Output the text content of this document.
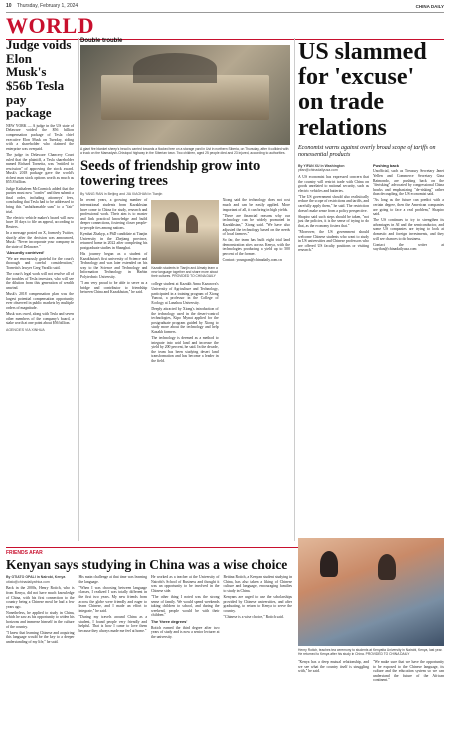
10 Thursday, February 1, 2024	CHINA DAILY
WORLD
Judge voids Elon Musk's $56b Tesla pay package

NEW YORK — A judge in the US state of Delaware voided the $56 billion compensation package of Tesla chief executive Elon Musk on Tuesday, siding with a shareholder who claimed the enterprise was overpaid.

The judge in Delaware Chancery Court ruled that the plaintiff, a Tesla shareholder named Richard Tornetta, was "entitled to rescission" of approving the stock award. Musk's 2018 package gave the world's richest man stock options worth as much as $55.8 billion.

Judge Kathaleen McCormick added that the parties must now "confer" and then submit a final order, including attorneys' fees, concluding that Tesla had to be addressed to bring this "unfathomable sum" to a "fair" trial.

The electric vehicle maker's board will now have 10 days to file an appeal, according to Reuters.

In a message posted on X, formerly Twitter, shortly after the decision was announced, Musk: "Never incorporate your company in the state of Delaware."

'Absurdly contrived'

"We are enormously grateful for the court's thorough and careful consideration," Tornetta's lawyer Greg Varallo said.

The court's legal work will not resolve all of the troubles of Tesla investors, who will see the dilution from this generation of wealth unwind.

Musk's 2018 compensation plan was the largest potential compensation opportunity ever observed in public markets by multiple orders of magnitude.

Musk was owed, along with Tesla and seven other members of the company's board, a stake worth at one point about $56 billion.

AGENCIES VIA XINHUA
Double trouble
A giant fire blanket sheep's head is carried towards a flocked tree on a storage yard in Ust in northern Siberia, on Thursday, after it collided with a truck on the Mamadysh-Chistopol highway in the Siberian town. Two children, aged 25 people died and 23 injured, according to authorities.
Seeds of friendship grow into towering trees
By YANG RAN in Beijing and JIA XIAOHAN in Tianjin

In recent years, a growing number of international students from Kazakhstan have come to China for study, research and professional work. Their aim is to master and link practical knowledge and build deeper connections, fostering closer people-to-people ties among nations.

Kymbat Zhakyp, a PhD candidate at Tianjin University in the Zhejiang province, returned home in 2022 after completing his postgraduate studies in Shanghai.

His journey began as a student of Kazakhstan's first university of Science and Technology and was later extended on his way to the Science and Technology and Information Technology in Harbin Polytechnic University.

"I am very proud to be able to serve as a bridge and contributor to friendship between China and Kazakhstan," he said.

Kazakh students in Tianjin and Almaty learn a new language together and share more about their cultures. PROVIDED TO CHINA DAILY

college student at Kazakh Anna Kazarova's University of Agriculture and Technology, participated in a training program of Xiong Yuncui, a professor in the College of Ecology at Lanzhou University.

Deeply attracted by Xiong's introduction of the technology used in the desert-control technologies, Kipo Mynat applied for the postgraduate program guided by Xiong to study more about the technology and help Kazakh farmers.

The technology is deemed as a method to integrate into arid land and increase the yield by 200 percent, he said. In the decade, the team has been studying desert land transformation and has become a leader in the field.

Xiong said the technology does not cost much and can be easily applied. More important of all, it can bring in high yields.

"There are financial reasons why our technology can be widely promoted in Kazakhstan," Xiong said. "We have also adjusted the technology based on the needs of local farmers."

So far, the team has built eight trial land demonstration sites across Kenya, with the technologies producing a yield up to 500 percent of the former.

Contact: youngran@chinadaily.com.cn

US slammed for 'excuse' on trade relations
Economist warns against overly broad scope of tariffs on nonessential products
By YIFAN XU in Washington
yifan@chinadailyusa.com

A US economist has expressed concern that the country will restrict trade with China on goods unrelated to national security, such as electric vehicles and batteries.

"The US government should also realistically reduce the scope of restrictions and tariffs, and carefully apply them," he said. The restriction doesn't make sense from a policy perspective.

Shapiro said such steps should be taken, "not just the policies, it is the sense of trying to do that, as the economy fosters that."

"Moreover, the US government should welcome Chinese students who want to study in US universities and Chinese professors who are offered US faculty positions or visiting research."

Pushing back

Unofficial, such as Treasury Secretary Janet Yellen and Commerce Secretary Gina Raimondo, are pushing back on the "derisking" advocated by congressional China hawks and emphasizing "de-risking" rather than decoupling, the US economist said.

"As long as the future can predict with a certain degree, then the American companies are going to face a real problem," Shapiro said.

The US continues to try to strengthen its advantages in AI and the semiconductor, and some US companies are trying to look at domestic and foreign investments, and they will see chances to do business.

Contact the writer at xuyifan@chinadailyusa.com

FRIENDS AFAR
Kenyan says studying in China was a wise choice
By OTIATO OPALI in Nairobi, Kenya
otiato@chinadailyafrica.com

Back in the 2000s, Henry Rotich, who is from Kenya, did not have much knowledge of China, with his first connection to the country being a Chinese meal he had a few years ago.

Nonetheless, he applied to study in China, which he saw as his opportunity to widen his horizons and immerse himself in the culture of the country.

"I knew that learning Chinese and acquiring this language would be the key to a deeper understanding of my life," he said.

His main challenge at that time was learning the language.

"When I was choosing between language classes, I realized I was totally different in the first two years. My new friends from across the globe were friendly and eager to learn Chinese, and I made an effort to integrate," he said.

"During my travels around China as a student, I found people very friendly and helpful. That is how I came to love them because they always made me feel at home."

He worked as a teacher at the University of Nairobi's School of Business and thought it was an opportunity to be involved in the Chinese side.

"The other thing I noted was the strong sense of family. We would spend weekends taking children to school, and during the weekend, people would be with their children."

The 'three degrees'

Rotich earned the third degree after two years of study and is now a senior lecturer at the university.

Bettina Rotich, a Kenyan student studying in China, has also taken a liking of Chinese culture and language, encouraging families to study in China.

Kenyans are urged to use the scholarships provided by Chinese universities, and after graduating, to return to Kenya to serve the country.

"Chinese is a wise choice," Rotich said.

Henry Rotich, teaches tea ceremony to students at Kenyatta University in Nairobi, Kenya, last year. He returned to Kenya after his study in China. PROVIDED TO CHINA DAILY

"Kenya has a deep mutual relationship, and we see what the country itself is struggling with," he said.

"We make sure that we have the opportunity to be exposed to the Chinese language, its culture and the education system so we can understand the future of the African continent."
